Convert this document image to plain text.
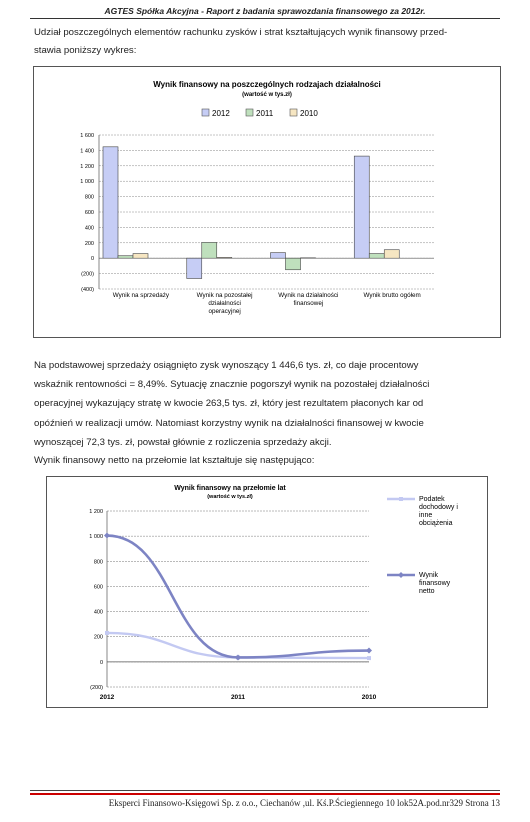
AGTES Spółka Akcyjna - Raport z badania sprawozdania finansowego za 2012r.
Udział poszczególnych elementów rachunku zysków i strat kształtujących wynik finansowy przed-
stawia poniższy wykres:
Wynik finansowy na poszczególnych rodzajach działalności
(wartość w tys.zł)
2012	2011	2010
1 600
1 400
1 200
1 000
800
600
400
200
0
(200)
(400)
Wynik na sprzedaży	Wynik na pozostałej
działalności
operacyjnej
Wynik na działalności
finansowej
Wynik brutto ogółem
Na podstawowej sprzedaży osiągnięto zysk wynoszący 1 446,6 tys. zł, co daje procentowy
wskaźnik rentowności = 8,49%. Sytuację znacznie pogorszył wynik na pozostałej działalności
operacyjnej wykazujący stratę w kwocie 263,5 tys. zł, który jest rezultatem płaconych kar od
opóźnień w realizacji umów. Natomiast korzystny wynik na działalności finansowej w kwocie
wynoszącej 72,3 tys. zł, powstał głównie z rozliczenia sprzedaży akcji.
Wynik finansowy netto na przełomie lat kształtuje się następująco:
Wynik finansowy na przełomie lat
(wartość w tys.zł)
1 200
1 000
800
600
400
200
0
(200)
2012	2011	2010
Podatek
dochodowy i
inne
obciążenia
Wynik
finansowy
netto
Eksperci Finansowo-Księgowi Sp. z o.o., Ciechanów ,ul. Kś.P.Ściegiennego 10 lok52A.pod.nr329 Strona 13
